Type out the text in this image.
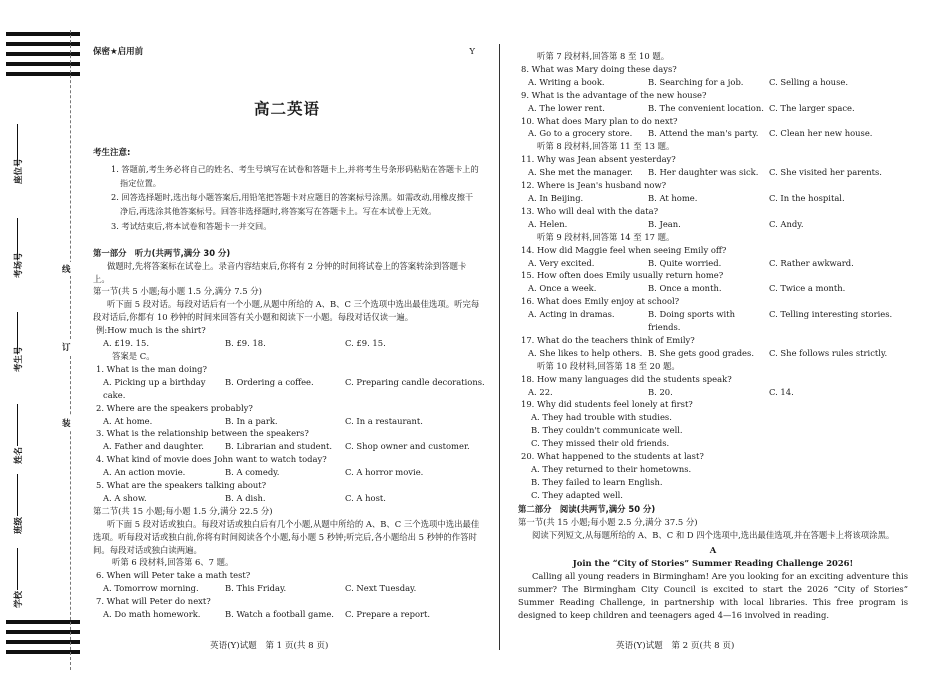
座位号
考场号
考生号
姓名
班级
学校
线
订
装
保密★启用前	Y
高二英语
考生注意:
1. 答题前,考生务必将自己的姓名、考生号填写在试卷和答题卡上,并将考生号条形码粘贴在答题卡上的指定位置。
2. 回答选择题时,选出每小题答案后,用铅笔把答题卡对应题目的答案标号涂黑。如需改动,用橡皮擦干净后,再选涂其他答案标号。回答非选择题时,将答案写在答题卡上。写在本试卷上无效。
3. 考试结束后,将本试卷和答题卡一并交回。
第一部分　听力(共两节,满分 30 分)
做题时,先将答案标在试卷上。录音内容结束后,你将有 2 分钟的时间将试卷上的答案转涂到答题卡上。
第一节(共 5 小题;每小题 1.5 分,满分 7.5 分)
听下面 5 段对话。每段对话后有一个小题,从题中所给的 A、B、C 三个选项中选出最佳选项。听完每段对话后,你都有 10 秒钟的时间来回答有关小题和阅读下一小题。每段对话仅读一遍。
例:How much is the shirt?
A. £19. 15.	B. £9. 18.	C. £9. 15.
答案是 C。
1. What is the man doing?
A. Picking up a birthday cake.
B. Ordering a coffee.	C. Preparing candle decorations.
2. Where are the speakers probably?
A. At home.	B. In a park.	C. In a restaurant.
3. What is the relationship between the speakers?
A. Father and daughter.	B. Librarian and student.	C. Shop owner and customer.
4. What kind of movie does John want to watch today?
A. An action movie.	B. A comedy.	C. A horror movie.
5. What are the speakers talking about?
A. A show.	B. A dish.	C. A host.
第二节(共 15 小题;每小题 1.5 分,满分 22.5 分)
听下面 5 段对话或独白。每段对话或独白后有几个小题,从题中所给的 A、B、C 三个选项中选出最佳选项。听每段对话或独白前,你将有时间阅读各个小题,每小题 5 秒钟;听完后,各小题给出 5 秒钟的作答时间。每段对话或独白读两遍。
听第 6 段材料,回答第 6、7 题。
6. When will Peter take a math test?
A. Tomorrow morning.	B. This Friday.	C. Next Tuesday.
7. What will Peter do next?
A. Do math homework.	B. Watch a football game.	C. Prepare a report.
英语(Y)试题　第 1 页(共 8 页)
听第 7 段材料,回答第 8 至 10 题。
8. What was Mary doing these days?
A. Writing a book.	B. Searching for a job.	C. Selling a house.
9. What is the advantage of the new house?
A. The lower rent.	B. The convenient location. C. The larger space.
10. What does Mary plan to do next?
A. Go to a grocery store.	B. Attend the man's party.	C. Clean her new house.
听第 8 段材料,回答第 11 至 13 题。
11. Why was Jean absent yesterday?
A. She met the manager.	B. Her daughter was sick.	C. She visited her parents.
12. Where is Jean's husband now?
A. In Beijing.	B. At home.	C. In the hospital.
13. Who will deal with the data?
A. Helen.	B. Jean.	C. Andy.
听第 9 段材料,回答第 14 至 17 题。
14. How did Maggie feel when seeing Emily off?
A. Very excited.	B. Quite worried.	C. Rather awkward.
15. How often does Emily usually return home?
A. Once a week.	B. Once a month.	C. Twice a month.
16. What does Emily enjoy at school?
A. Acting in dramas.	B. Doing sports with friends.
C. Telling interesting stories.
17. What do the teachers think of Emily?
A. She likes to help others. B. She gets good grades.	C. She follows rules strictly.
听第 10 段材料,回答第 18 至 20 题。
18. How many languages did the students speak?
A. 22.	B. 20.	C. 14.
19. Why did students feel lonely at first?
A. They had trouble with studies.
B. They couldn't communicate well.
C. They missed their old friends.
20. What happened to the students at last?
A. They returned to their hometowns.
B. They failed to learn English.
C. They adapted well.
第二部分　阅读(共两节,满分 50 分)
第一节(共 15 小题;每小题 2.5 分,满分 37.5 分)
阅读下列短文,从每题所给的 A、B、C 和 D 四个选项中,选出最佳选项,并在答题卡上将该项涂黑。
A
Join the “City of Stories” Summer Reading Challenge 2026!
Calling all young readers in Birmingham! Are you looking for an exciting adventure this summer? The Birmingham City Council is excited to start the 2026 “City of Stories” Summer Reading Challenge, in partnership with local libraries. This free program is designed to keep children and teenagers aged 4—16 involved in reading.
英语(Y)试题　第 2 页(共 8 页)
